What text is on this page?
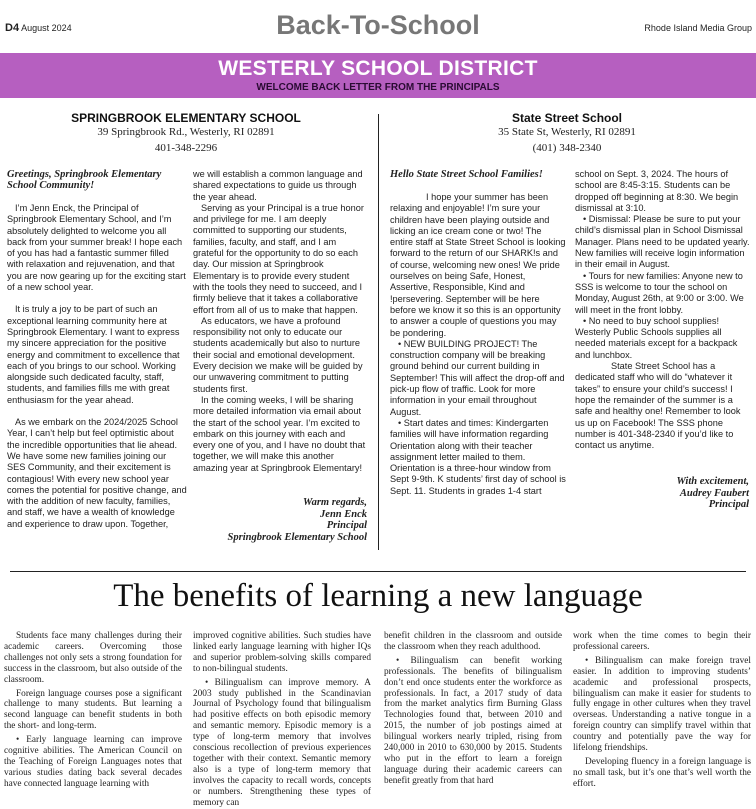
D4 August 2024	Back-To-School	Rhode Island Media Group
WESTERLY SCHOOL DISTRICT
WELCOME BACK LETTER FROM THE PRINCIPALS
SPRINGBROOK ELEMENTARY SCHOOL
39 Springbrook Rd., Westerly, RI 02891
401-348-2296
Greetings, Springbrook Elementary School Community!

I’m Jenn Enck, the Principal of Springbrook Elementary School, and I’m absolutely delighted to welcome you all back from your summer break! I hope each of you has had a fantastic summer filled with relaxation and rejuvenation, and that you are now gearing up for the exciting start of a new school year.

It is truly a joy to be part of such an exceptional learning community here at Springbrook Elementary. I want to express my sincere appreciation for the positive energy and commitment to excellence that each of you brings to our school. Working alongside such dedicated faculty, staff, students, and families fills me with great enthusiasm for the year ahead.

As we embark on the 2024/2025 School Year, I can’t help but feel optimistic about the incredible opportunities that lie ahead. We have some new families joining our SES Community, and their excitement is contagious! With every new school year comes the potential for positive change, and with the addition of new faculty, families, and staff, we have a wealth of knowledge and experience to draw upon. Together,

we will establish a common language and shared expectations to guide us through the year ahead.

Serving as your Principal is a true honor and privilege for me. I am deeply committed to supporting our students, families, faculty, and staff, and I am grateful for the opportunity to do so each day. Our mission at Springbrook Elementary is to provide every student with the tools they need to succeed, and I firmly believe that it takes a collaborative effort from all of us to make that happen.

As educators, we have a profound responsibility not only to educate our students academically but also to nurture their social and emotional development. Every decision we make will be guided by our unwavering commitment to putting students first.

In the coming weeks, I will be sharing more detailed information via email about the start of the school year. I’m excited to embark on this journey with each and every one of you, and I have no doubt that together, we will make this another amazing year at Springbrook Elementary!

Warm regards,
Jenn Enck
Principal
Springbrook Elementary School
State Street School
35 State St, Westerly, RI 02891
(401) 348-2340
Hello State Street School Families!

I hope your summer has been relaxing and enjoyable! I’m sure your children have been playing outside and licking an ice cream cone or two! The entire staff at State Street School is looking forward to the return of our SHARK!s and of course, welcoming new ones! We pride ourselves on being Safe, Honest, Assertive, Responsible, Kind and !persevering. September will be here before we know it so this is an opportunity to answer a couple of questions you may be pondering.

• NEW BUILDING PROJECT! The construction company will be breaking ground behind our current building in September! This will affect the drop-off and pick-up flow of traffic. Look for more information in your email throughout August.

• Start dates and times: Kindergarten families will have information regarding Orientation along with their teacher assignment letter mailed to them. Orientation is a three-hour window from Sept 9-9th. K students’ first day of school is Sept. 11. Students in grades 1-4 start

school on Sept. 3, 2024. The hours of school are 8:45-3:15. Students can be dropped off beginning at 8:30. We begin dismissal at 3:10.

• Dismissal: Please be sure to put your child’s dismissal plan in School Dismissal Manager. Plans need to be updated yearly. New families will receive login information in their email in August.

• Tours for new families: Anyone new to SSS is welcome to tour the school on Monday, August 26th, at 9:00 or 3:00. We will meet in the front lobby.

• No need to buy school supplies! Westerly Public Schools supplies all needed materials except for a backpack and lunchbox.

State Street School has a dedicated staff who will do “whatever it takes” to ensure your child’s success! I hope the remainder of the summer is a safe and healthy one! Remember to look us up on Facebook! The SSS phone number is 401-348-2340 if you’d like to contact us anytime.

With excitement,
Audrey Faubert
Principal
The benefits of learning a new language

Students face many challenges during their academic careers. Overcoming those challenges not only sets a strong foundation for success in the classroom, but also outside of the classroom.

Foreign language courses pose a significant challenge to many students. But learning a second language can benefit students in both the short- and long-term.

• Early language learning can improve cognitive abilities. The American Council on the Teaching of Foreign Languages notes that various studies dating back several decades have connected language learning with

improved cognitive abilities. Such studies have linked early language learning with higher IQs and superior problem-solving skills compared to non-bilingual students.

• Bilingualism can improve memory. A 2003 study published in the Scandinavian Journal of Psychology found that bilingualism had positive effects on both episodic memory and semantic memory. Episodic memory is a type of long-term memory that involves conscious recollection of previous experiences together with their context. Semantic memory also is a type of long-term memory that involves the capacity to recall words, concepts or numbers. Strengthening these types of memory can

benefit children in the classroom and outside the classroom when they reach adulthood.

• Bilingualism can benefit working professionals. The benefits of bilingualism don’t end once students enter the workforce as professionals. In fact, a 2017 study of data from the market analytics firm Burning Glass Technologies found that, between 2010 and 2015, the number of job postings aimed at bilingual workers nearly tripled, rising from 240,000 in 2010 to 630,000 by 2015. Students who put in the effort to learn a foreign language during their academic careers can benefit greatly from that hard

work when the time comes to begin their professional careers.

• Bilingualism can make foreign travel easier. In addition to improving students’ academic and professional prospects, bilingualism can make it easier for students to fully engage in other cultures when they travel overseas. Understanding a native tongue in a foreign country can simplify travel within that country and potentially pave the way for lifelong friendships.

Developing fluency in a foreign language is no small task, but it’s one that’s well worth the effort.
